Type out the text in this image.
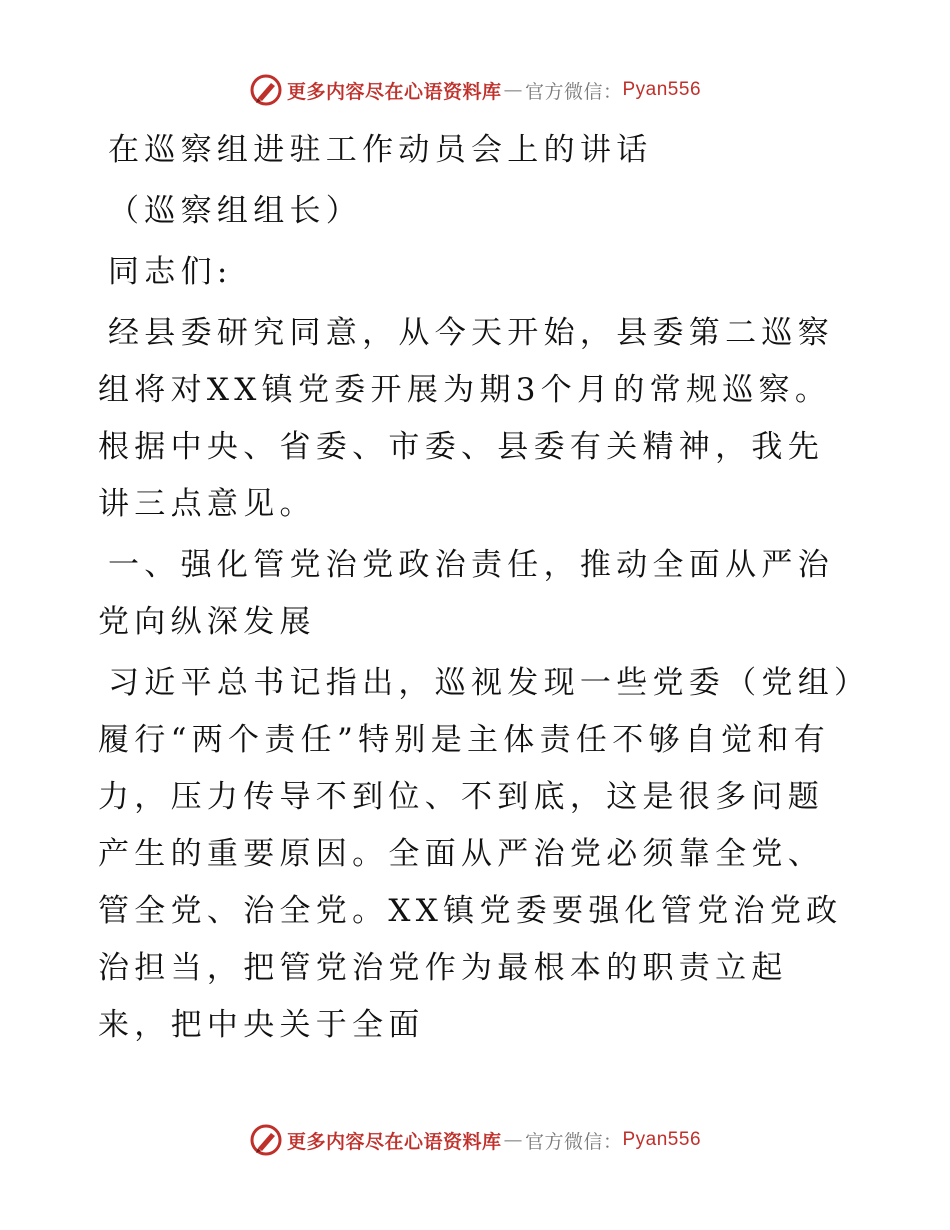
更多内容尽在心语资料库 — 官方微信： Pyan556

在巡察组进驻工作动员会上的讲话

（巡察组组长）

同志们:

经县委研究同意，从今天开始，县委第二巡察组将对XX镇党委开展为期3个月的常规巡察。根据中央、省委、市委、县委有关精神，我先讲三点意见。

一、强化管党治党政治责任，推动全面从严治党向纵深发展

习近平总书记指出，巡视发现一些党委（党组）履行“两个责任”特别是主体责任不够自觉和有力，压力传导不到位、不到底，这是很多问题产生的重要原因。全面从严治党必须靠全党、管全党、治全党。XX镇党委要强化管党治党政治担当，把管党治党作为最根本的职责立起来，把中央关于全面

更多内容尽在心语资料库 — 官方微信： Pyan556
